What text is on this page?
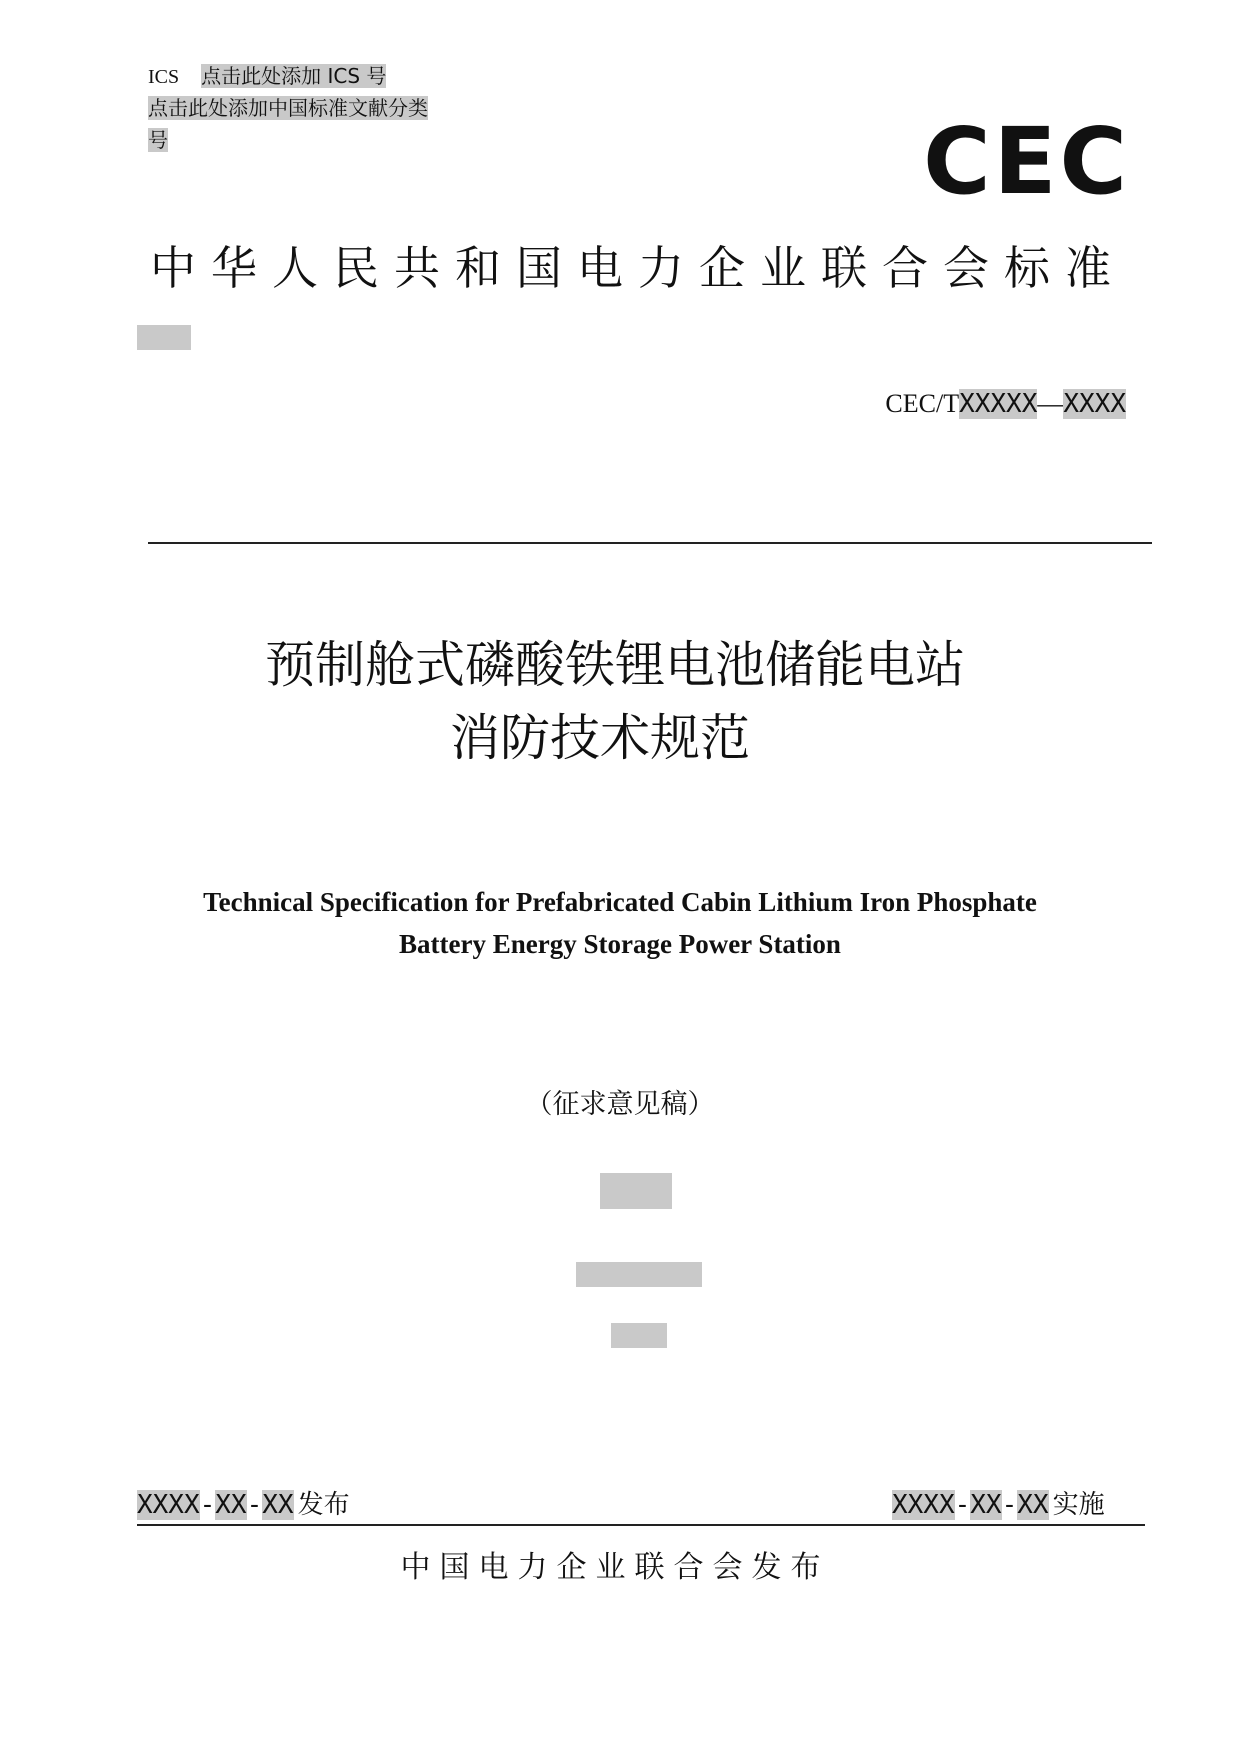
ICS 点击此处添加 ICS 号
点击此处添加中国标准文献分类
号	CEC
中华人民共和国电力企业联合会标准
CEC/TXXXXX—XXXX
预制舱式磷酸铁锂电池储能电站
消防技术规范
Technical Specification for Prefabricated Cabin Lithium Iron Phosphate
Battery Energy Storage Power Station
（征求意见稿）
XXXX-XX-XX 发布	XXXX-XX-XX 实施
中国电力企业联合会发布
